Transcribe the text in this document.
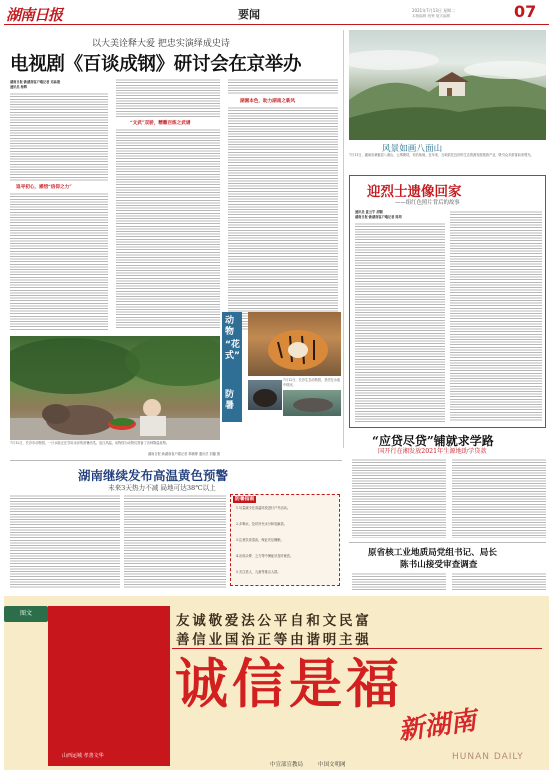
湖南日报	要闻	2021年7月13日 星期二
本版编辑 统筹 版式编辑	07
以大美诠释大爱 把忠实演绎成史诗
电视剧《百谈成钢》研讨会在京举办
湖南日报·新湖南客户端记者 邓晶琎
通讯员 杨辉
追寻初心，感悟“信仰之力”
“文武”双骄，精雕百炼之武谱
湖湘本色，助力湖南之新风
风景如画八面山
7月11日，湖南省桑植县八面山，云雾缭绕，宛若仙境。近年来，当地依托良好的生态资源发展旅游产业，吸引众多游客前来观光。
迎烈士遗像回家
——组红色照片背后的故事
通讯员 夏云宇 胡钢
湖南日报·新湖南客户端记者 陈昂
动物
“花式”
防暑
7月12日，长沙生态动物园，老虎在水池中纳凉。
7月12日，长沙市动物园，一只水豚正在享用冰凉的消暑西瓜。连日高温，动物园为动物们准备了各种降温食物。
湖南日报·新湖南客户端记者 辜鹏博 通讯员 刘璐 摄
“应贷尽贷”铺就求学路
国开行在湘发放2021年生源地助学贷款
湖南继续发布高温黄色预警
未来3天热力不减 局地可达38℃以上
防暑指南
1.尽量减少在高温时段进行户外活动。
2.多喝水，及时补充水分和电解质。
3.注意饮食清淡，保证充足睡眠。
4.出现头晕、乏力等中暑症状及时就医。
5.关注老人、儿童等重点人群。
原省核工业地质局党组书记、局长
陈书山接受审查调查
友诚敬爱法公平自和文民富
善信业国治正等由谐明主强
诚信是福
新湖南
HUNAN DAILY
山西运城 孝善文华
图文
中宣部宣教局	中国文明网
